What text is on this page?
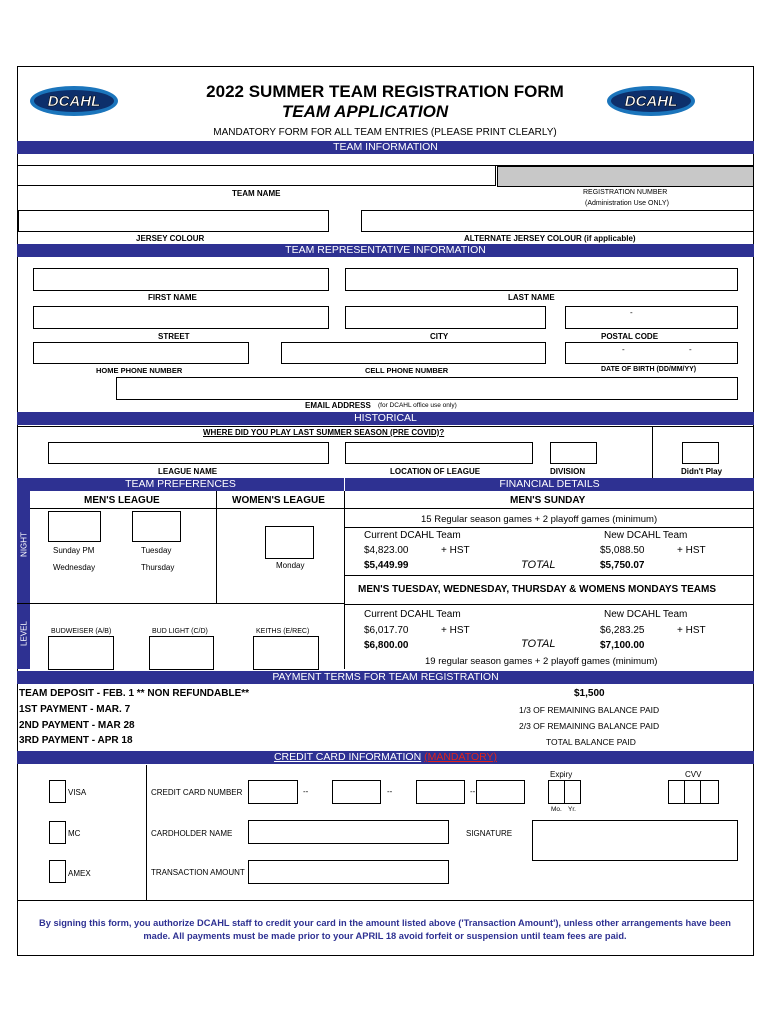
DCAHL	DCAHL
2022 SUMMER TEAM REGISTRATION FORM
TEAM APPLICATION
MANDATORY FORM FOR ALL TEAM ENTRIES (PLEASE PRINT CLEARLY)
TEAM INFORMATION
TEAM NAME	REGISTRATION NUMBER
(Administration Use ONLY)
JERSEY COLOUR	ALTERNATE JERSEY COLOUR (if applicable)
TEAM REPRESENTATIVE INFORMATION
FIRST NAME	LAST NAME
-
STREET	CITY	POSTAL CODE
-	-
HOME PHONE NUMBER	CELL PHONE NUMBER	DATE OF BIRTH (DD/MM/YY)
EMAIL ADDRESS (for DCAHL office use only)
HISTORICAL
WHERE DID YOU PLAY LAST SUMMER SEASON (PRE COVID)?
LEAGUE NAME	LOCATION OF LEAGUE	DIVISION	Didn't Play
TEAM PREFERENCES	FINANCIAL DETAILS
MEN'S LEAGUE	WOMEN'S LEAGUE
NIGHT	Sunday PM	Tuesday
Wednesday	Thursday	Monday
LEVEL	BUDWEISER (A/B)	BUD LIGHT (C/D)	KEITHS (E/REC)
MEN'S SUNDAY
15 Regular season games + 2 playoff games (minimum)
Current DCAHL Team	New DCAHL Team
$4,823.00	+ HST	$5,088.50	+ HST
$5,449.99	TOTAL	$5,750.07
MEN'S TUESDAY, WEDNESDAY, THURSDAY & WOMENS MONDAYS TEAMS
Current DCAHL Team	New DCAHL Team
$6,017.70	+ HST	$6,283.25	+ HST
$6,800.00	TOTAL	$7,100.00
19 regular season games + 2 playoff games (minimum)
PAYMENT TERMS FOR TEAM REGISTRATION
TEAM DEPOSIT - FEB. 1 ** NON REFUNDABLE**	$1,500
1ST PAYMENT - MAR. 7	1/3 OF REMAINING BALANCE PAID
2ND PAYMENT - MAR 28	2/3 OF REMAINING BALANCE PAID
3RD PAYMENT - APR 18	TOTAL BALANCE PAID
CREDIT CARD INFORMATION (MANDATORY)
VISA
MC
AMEX
CREDIT CARD NUMBER	--	--	--
Expiry
Mo. Yr.
CVV
CARDHOLDER NAME	SIGNATURE
TRANSACTION AMOUNT
By signing this form, you authorize DCAHL staff to credit your card in the amount listed above ('Transaction Amount'), unless other arrangements have been
made. All payments must be made prior to your APRIL 18 avoid forfeit or suspension until team fees are paid.
